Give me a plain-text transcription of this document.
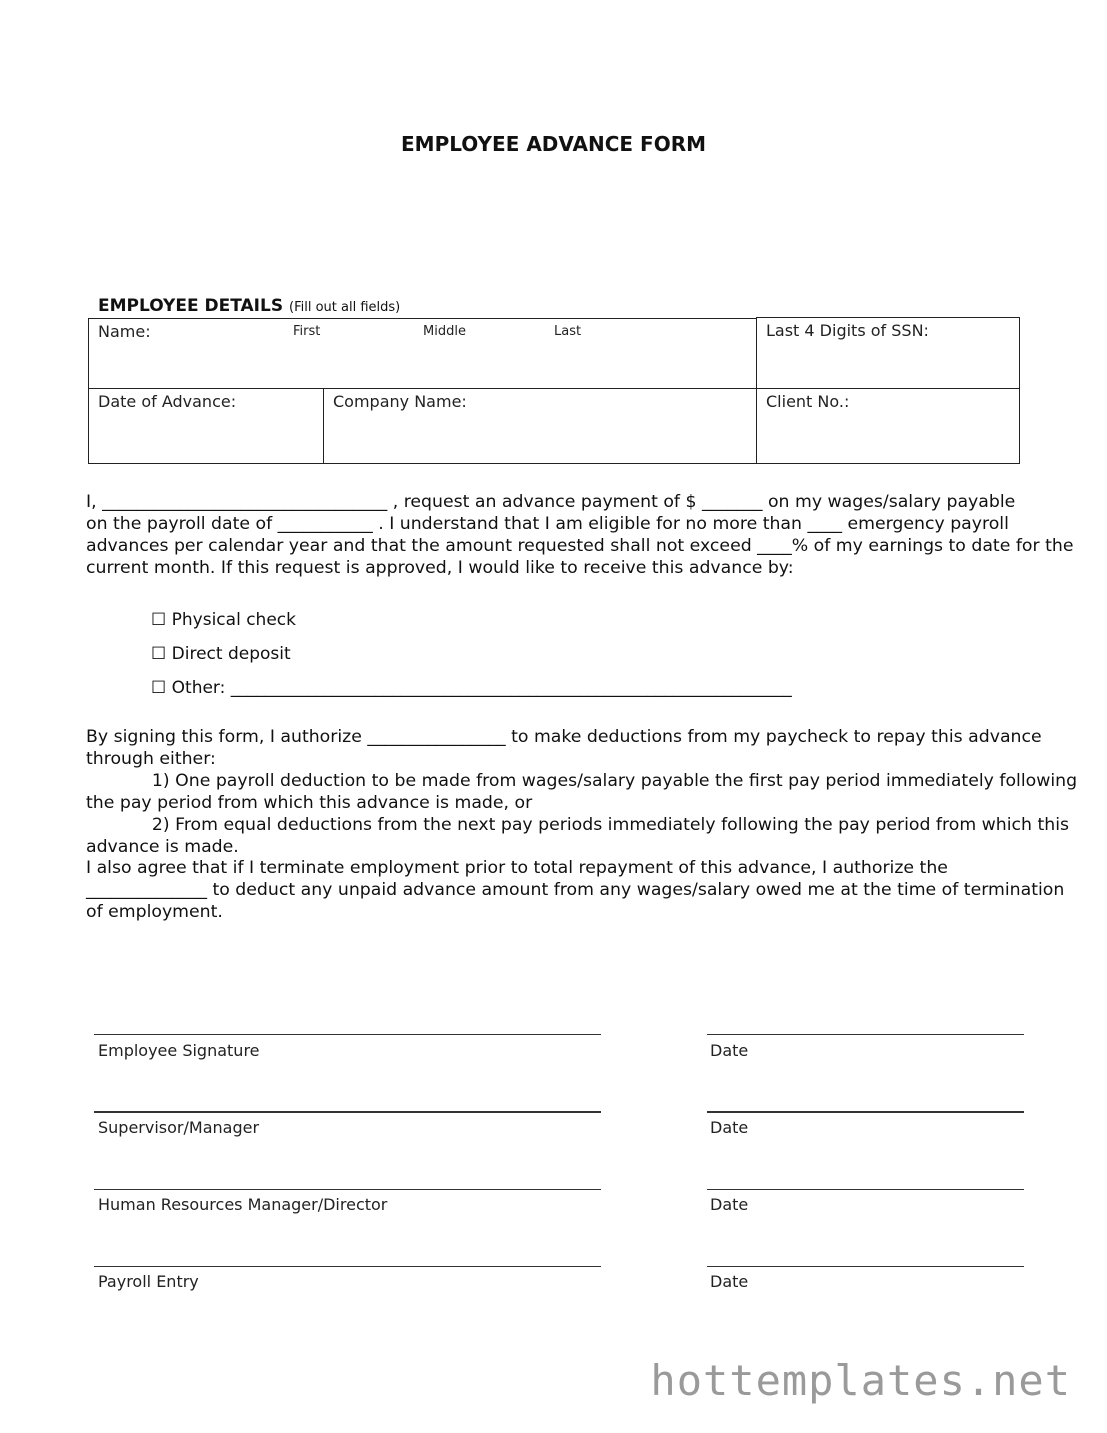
EMPLOYEE ADVANCE FORM
EMPLOYEE DETAILS (Fill out all fields)
Name:	First	Middle	Last	Last 4 Digits of SSN:
Date of Advance:	Company Name:	Client No.:
I, _________________________________ , request an advance payment of $ _______ on my wages/salary payable
on the payroll date of ___________ . I understand that I am eligible for no more than ____ emergency payroll
advances per calendar year and that the amount requested shall not exceed ____% of my earnings to date for the
current month. If this request is approved, I would like to receive this advance by:
☐ Physical check
☐ Direct deposit
☐ Other: __________________________________________________________________
By signing this form, I authorize ________________ to make deductions from my paycheck to repay this advance
through either:
1) One payroll deduction to be made from wages/salary payable the first pay period immediately following
the pay period from which this advance is made, or
2) From equal deductions from the next pay periods immediately following the pay period from which this
advance is made.
I also agree that if I terminate employment prior to total repayment of this advance, I authorize the
______________ to deduct any unpaid advance amount from any wages/salary owed me at the time of termination
of employment.
Employee Signature	Date
Supervisor/Manager	Date
Human Resources Manager/Director	Date
Payroll Entry	Date
hottemplates.net
